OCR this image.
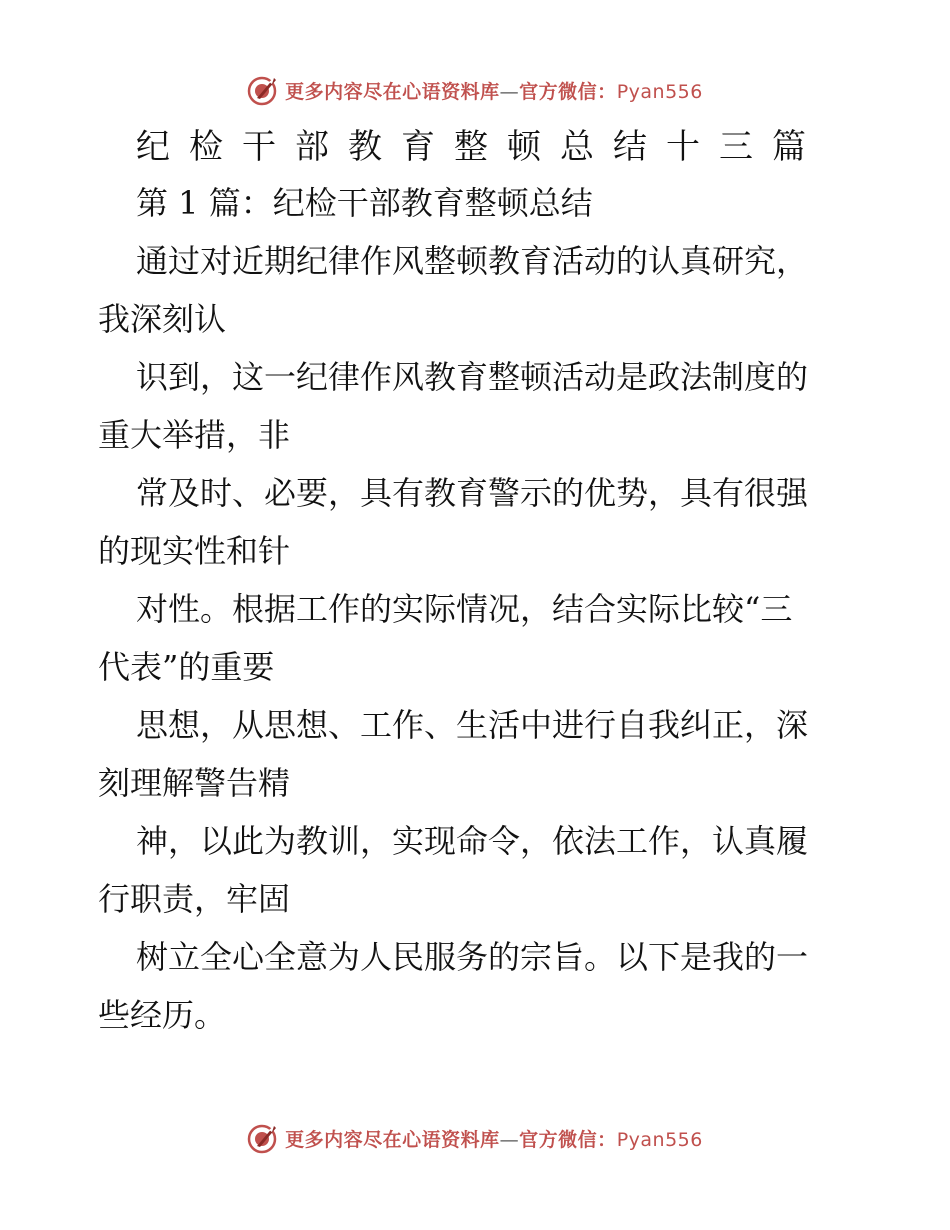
更多内容尽在心语资料库—官方微信：Pyan556
纪检干部教育整顿总结十三篇
第 1 篇：纪检干部教育整顿总结

通过对近期纪律作风整顿教育活动的认真研究，
我深刻认

识到，这一纪律作风教育整顿活动是政法制度的
重大举措，非

常及时、必要，具有教育警示的优势，具有很强
的现实性和针

对性。根据工作的实际情况，结合实际比较“三
代表”的重要

思想，从思想、工作、生活中进行自我纠正，深
刻理解警告精

神，以此为教训，实现命令，依法工作，认真履
行职责，牢固

树立全心全意为人民服务的宗旨。以下是我的一
些经历。

更多内容尽在心语资料库—官方微信：Pyan556
